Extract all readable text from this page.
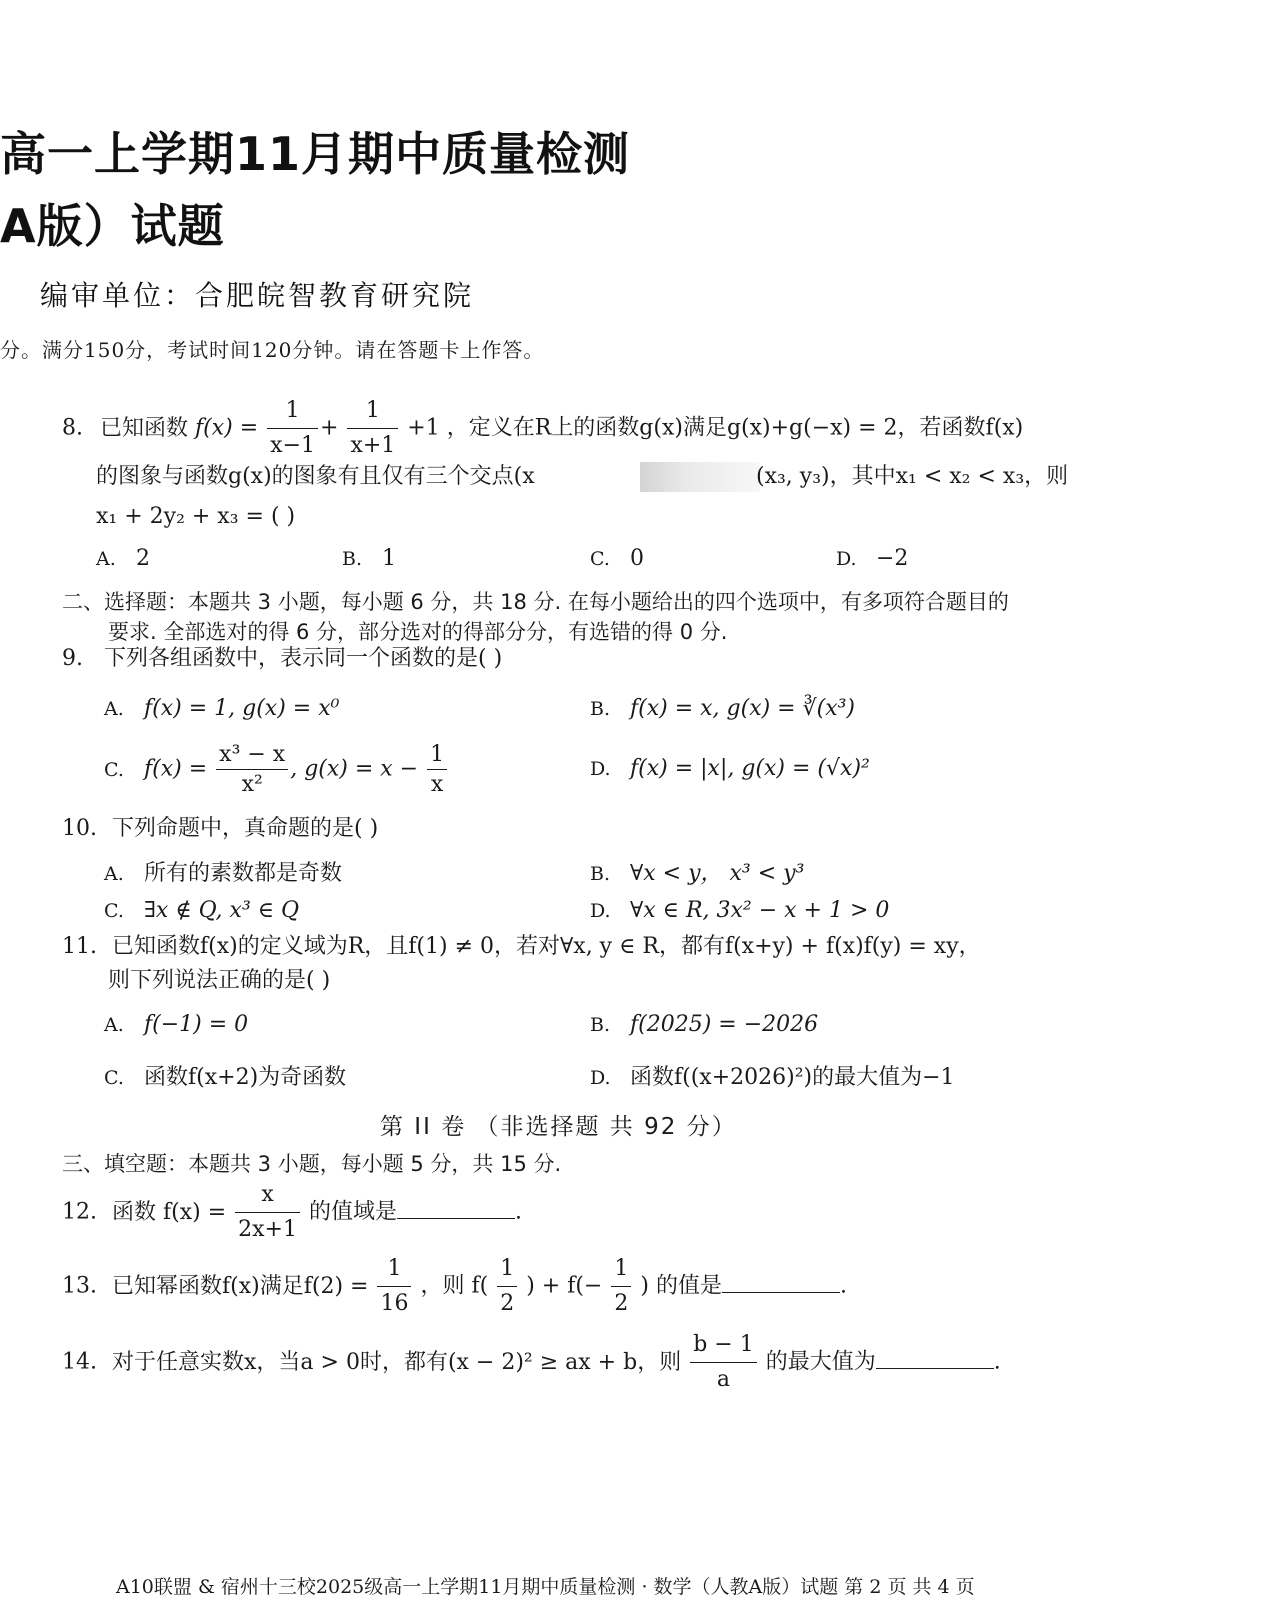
高一上学期11月期中质量检测
A版）试题
编审单位：合肥皖智教育研究院
分。满分150分，考试时间120分钟。请在答题卡上作答。
8. 已知函数 $f(x) = \frac{1}{x-1} + \frac{1}{x+1} +1$ ，定义在R上的函数g(x)满足g(x)+g(−x) = 2，若函数f(x)
的图象与函数g(x)的图象有且仅有三个交点(x	(x₃, y₃)，其中x₁ < x₂ < x₃，则
x₁ + 2y₂ + x₃ = ( )
A. 2	B. 1	C. 0	D. −2
二、选择题：本题共 3 小题，每小题 6 分，共 18 分. 在每小题给出的四个选项中，有多项符合题目的
要求. 全部选对的得 6 分，部分选对的得部分分，有选错的得 0 分.
9. 下列各组函数中，表示同一个函数的是( )
A. f(x) = 1, g(x) = x⁰	B. f(x) = x, g(x) = ∛(x³)
C. $f(x) = \frac{\text{x³ − x}}{\text{x²}}$ , $g(x) = x - \frac{1}{x}$	D. f(x) = |x|, g(x) = (√x)²
10. 下列命题中，真命题的是( )
A. 所有的素数都是奇数	B. ∀x < y， x³ < y³
C. ∃x ∉ Q, x³ ∈ Q	D. ∀x ∈ R, 3x² − x + 1 > 0
11. 已知函数f(x)的定义域为R，且f(1) ≠ 0，若对∀x, y ∈ R，都有f(x+y) + f(x)f(y) = xy，
则下列说法正确的是( )
A. f(−1) = 0	B. f(2025) = −2026
C. 函数f(x+2)为奇函数	D. 函数f((x+2026)²)的最大值为−1
第 II 卷 （非选择题 共 92 分）
三、填空题：本题共 3 小题，每小题 5 分，共 15 分.
12. 函数 $f(x) = \frac{x}{2x+1}$ 的值域是	.
13. 已知幂函数f(x)满足$f(2) = \frac{1}{16}$ ，则 $f( \frac{1}{2}$ ) + $f(- \frac{1}{2}$ ) 的值是	.
14. 对于任意实数x，当a > 0时，都有(x − 2)² ≥ ax + b，则 $\frac{b - 1}{a}$ 的最大值为	.
A10联盟 & 宿州十三校2025级高一上学期11月期中质量检测 · 数学（人教A版）试题 第 2 页 共 4 页
